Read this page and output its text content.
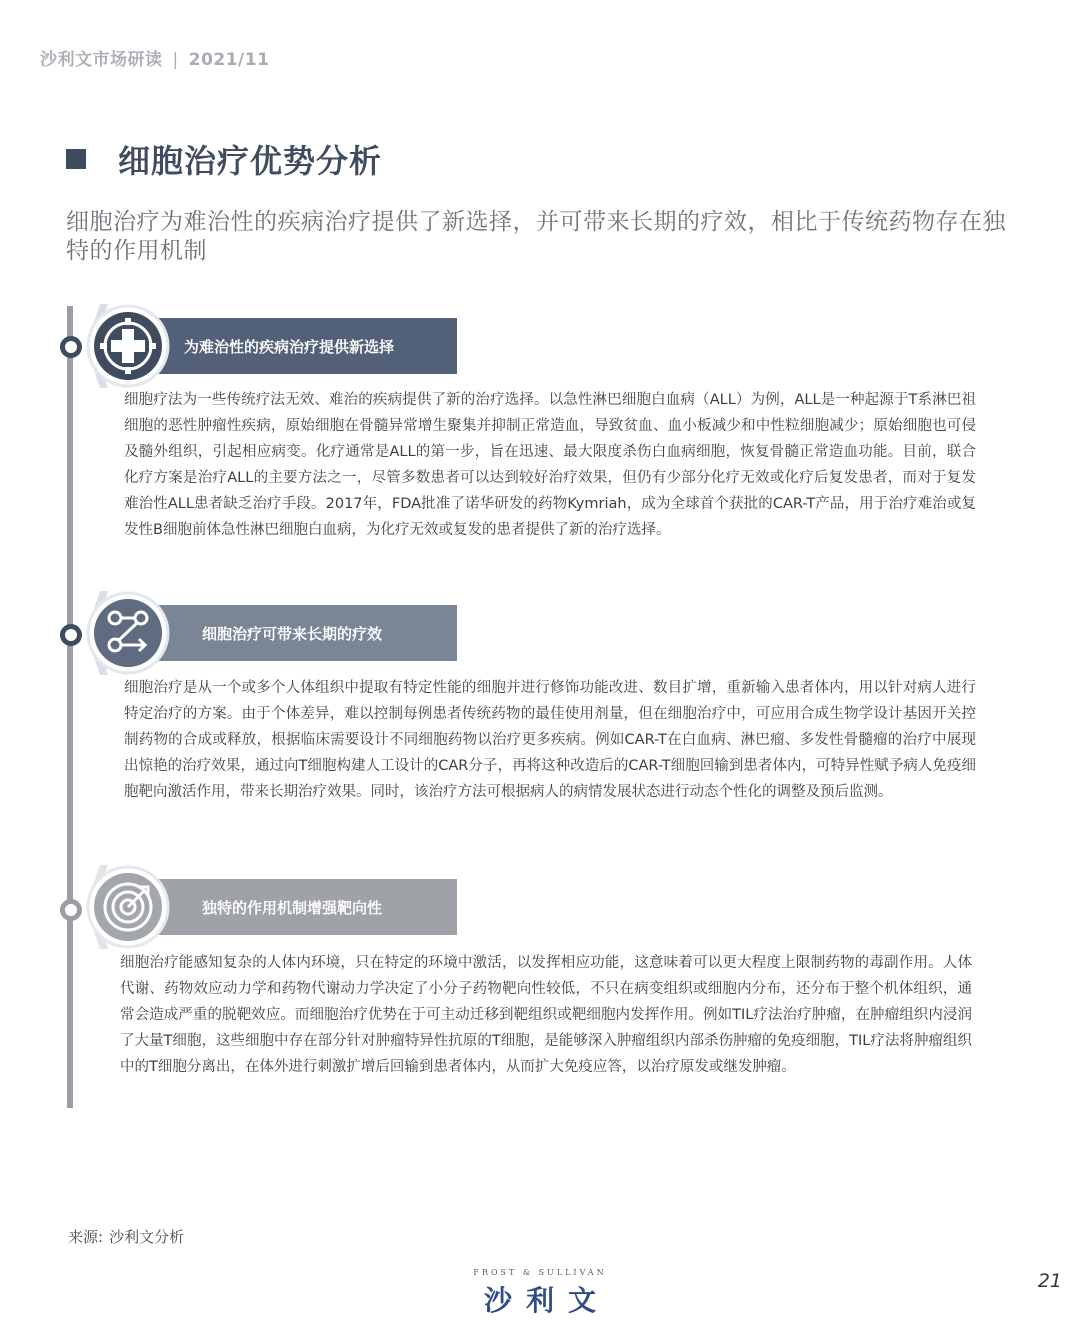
沙利文市场研读 | 2021/11
细胞治疗优势分析
细胞治疗为难治性的疾病治疗提供了新选择，并可带来长期的疗效，相比于传统药物存在独特的作用机制
为难治性的疾病治疗提供新选择
细胞疗法为一些传统疗法无效、难治的疾病提供了新的治疗选择。以急性淋巴细胞白血病（ALL）为例，ALL是一种起源于T系淋巴祖细胞的恶性肿瘤性疾病，原始细胞在骨髓异常增生聚集并抑制正常造血，导致贫血、血小板减少和中性粒细胞减少；原始细胞也可侵及髓外组织，引起相应病变。化疗通常是ALL的第一步，旨在迅速、最大限度杀伤白血病细胞，恢复骨髓正常造血功能。目前，联合化疗方案是治疗ALL的主要方法之一，尽管多数患者可以达到较好治疗效果，但仍有少部分化疗无效或化疗后复发患者，而对于复发难治性ALL患者缺乏治疗手段。2017年，FDA批准了诺华研发的药物Kymriah，成为全球首个获批的CAR-T产品，用于治疗难治或复发性B细胞前体急性淋巴细胞白血病，为化疗无效或复发的患者提供了新的治疗选择。
细胞治疗可带来长期的疗效
细胞治疗是从一个或多个人体组织中提取有特定性能的细胞并进行修饰功能改进、数目扩增，重新输入患者体内，用以针对病人进行特定治疗的方案。由于个体差异，难以控制每例患者传统药物的最佳使用剂量，但在细胞治疗中，可应用合成生物学设计基因开关控制药物的合成或释放，根据临床需要设计不同细胞药物以治疗更多疾病。例如CAR-T在白血病、淋巴瘤、多发性骨髓瘤的治疗中展现出惊艳的治疗效果，通过向T细胞构建人工设计的CAR分子，再将这种改造后的CAR-T细胞回输到患者体内，可特异性赋予病人免疫细胞靶向激活作用，带来长期治疗效果。同时，该治疗方法可根据病人的病情发展状态进行动态个性化的调整及预后监测。
独特的作用机制增强靶向性
细胞治疗能感知复杂的人体内环境，只在特定的环境中激活，以发挥相应功能，这意味着可以更大程度上限制药物的毒副作用。人体代谢、药物效应动力学和药物代谢动力学决定了小分子药物靶向性较低，不只在病变组织或细胞内分布，还分布于整个机体组织，通常会造成严重的脱靶效应。而细胞治疗优势在于可主动迁移到靶组织或靶细胞内发挥作用。例如TIL疗法治疗肿瘤，在肿瘤组织内浸润了大量T细胞，这些细胞中存在部分针对肿瘤特异性抗原的T细胞，是能够深入肿瘤组织内部杀伤肿瘤的免疫细胞，TIL疗法将肿瘤组织中的T细胞分离出，在体外进行刺激扩增后回输到患者体内，从而扩大免疫应答，以治疗原发或继发肿瘤。
来源: 沙利文分析
FROST & SULLIVAN
沙利文
21
